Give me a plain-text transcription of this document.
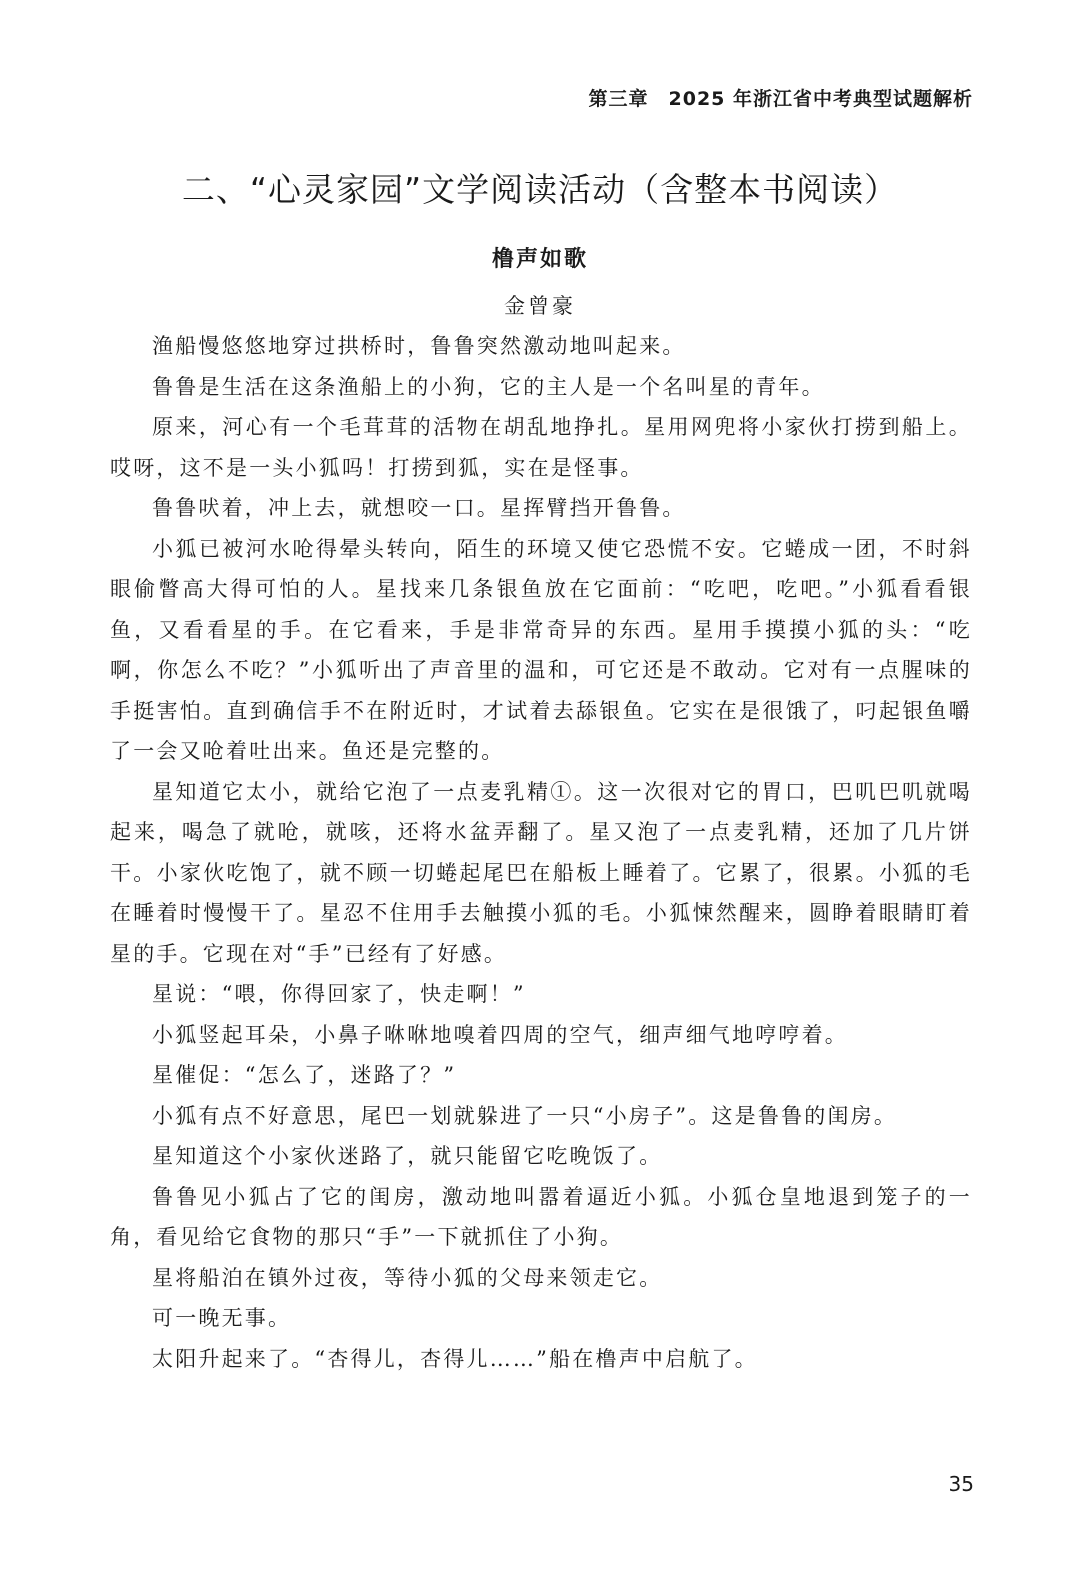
第三章　2025 年浙江省中考典型试题解析
二、“心灵家园”文学阅读活动（含整本书阅读）
橹声如歌
金曾豪

渔船慢悠悠地穿过拱桥时，鲁鲁突然激动地叫起来。

鲁鲁是生活在这条渔船上的小狗，它的主人是一个名叫星的青年。

原来，河心有一个毛茸茸的活物在胡乱地挣扎。星用网兜将小家伙打捞到船上。哎呀，这不是一头小狐吗！打捞到狐，实在是怪事。

鲁鲁吠着，冲上去，就想咬一口。星挥臂挡开鲁鲁。

小狐已被河水呛得晕头转向，陌生的环境又使它恐慌不安。它蜷成一团，不时斜眼偷瞥高大得可怕的人。星找来几条银鱼放在它面前：“吃吧，吃吧。”小狐看看银鱼，又看看星的手。在它看来，手是非常奇异的东西。星用手摸摸小狐的头：“吃啊，你怎么不吃？”小狐听出了声音里的温和，可它还是不敢动。它对有一点腥味的手挺害怕。直到确信手不在附近时，才试着去舔银鱼。它实在是很饿了，叼起银鱼嚼了一会又呛着吐出来。鱼还是完整的。

星知道它太小，就给它泡了一点麦乳精①。这一次很对它的胃口，巴叽巴叽就喝起来，喝急了就呛，就咳，还将水盆弄翻了。星又泡了一点麦乳精，还加了几片饼干。小家伙吃饱了，就不顾一切蜷起尾巴在船板上睡着了。它累了，很累。小狐的毛在睡着时慢慢干了。星忍不住用手去触摸小狐的毛。小狐悚然醒来，圆睁着眼睛盯着星的手。它现在对“手”已经有了好感。

星说：“喂，你得回家了，快走啊！”

小狐竖起耳朵，小鼻子咻咻地嗅着四周的空气，细声细气地哼哼着。

星催促：“怎么了，迷路了？”

小狐有点不好意思，尾巴一划就躲进了一只“小房子”。这是鲁鲁的闺房。

星知道这个小家伙迷路了，就只能留它吃晚饭了。

鲁鲁见小狐占了它的闺房，激动地叫嚣着逼近小狐。小狐仓皇地退到笼子的一角，看见给它食物的那只“手”一下就抓住了小狗。

星将船泊在镇外过夜，等待小狐的父母来领走它。

可一晚无事。

太阳升起来了。“杏得儿，杏得儿……”船在橹声中启航了。

35
